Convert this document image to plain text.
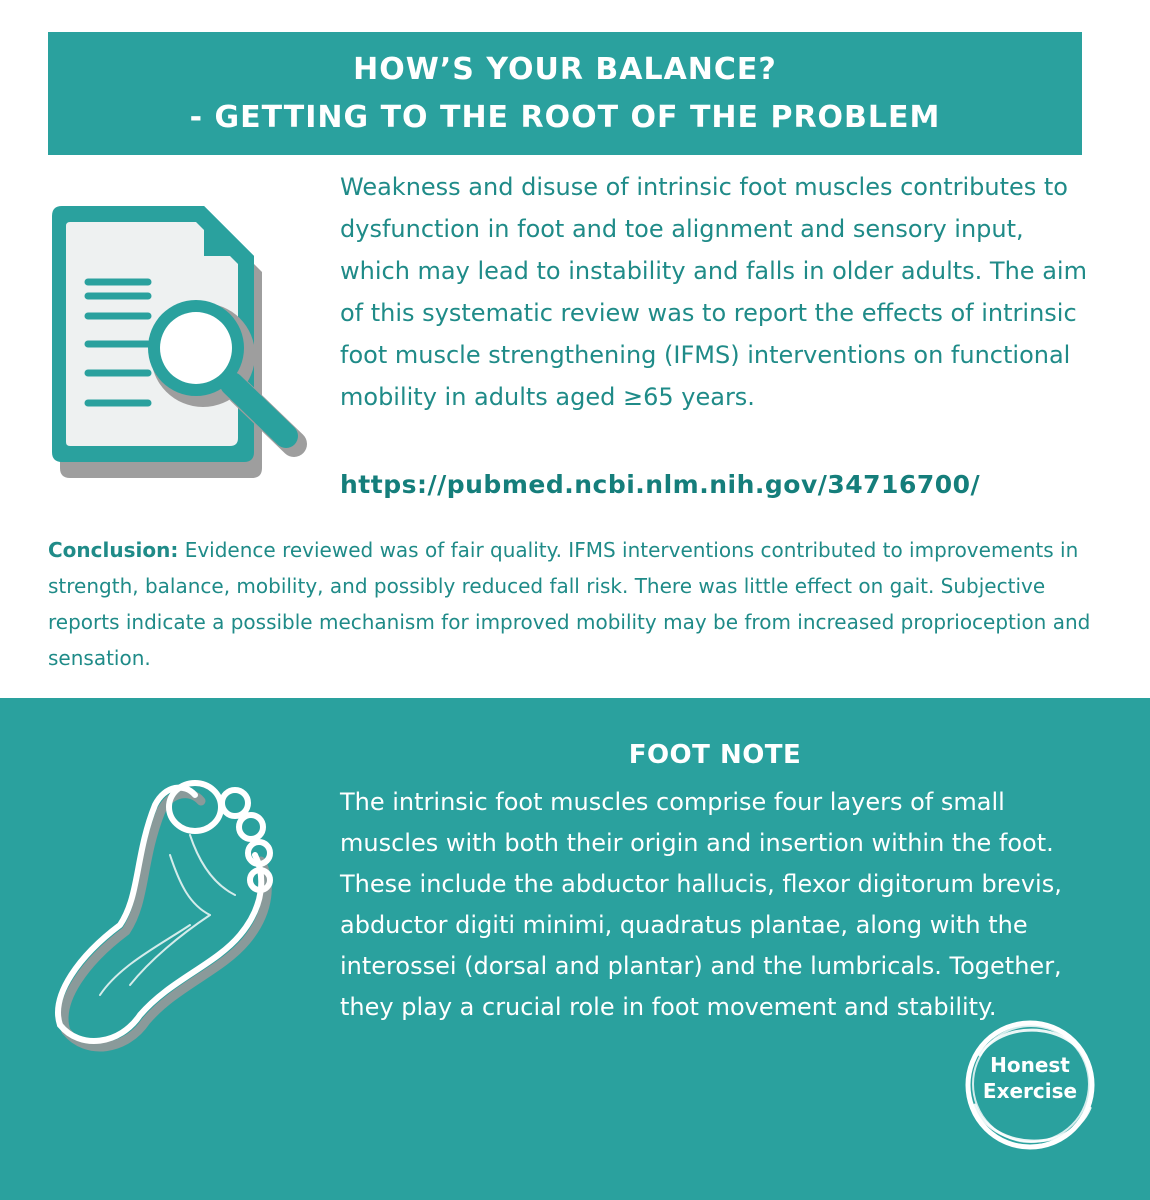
HOW’S YOUR BALANCE?
- GETTING TO THE ROOT OF THE PROBLEM
Weakness and disuse of intrinsic foot muscles contributes to dysfunction in foot and toe alignment and sensory input, which may lead to instability and falls in older adults. The aim of this systematic review was to report the effects of intrinsic foot muscle strengthening (IFMS) interventions on functional mobility in adults aged ≥65 years.
https://pubmed.ncbi.nlm.nih.gov/34716700/
Conclusion: Evidence reviewed was of fair quality. IFMS interventions contributed to improvements in strength, balance, mobility, and possibly reduced fall risk. There was little effect on gait. Subjective reports indicate a possible mechanism for improved mobility may be from increased proprioception and sensation.
FOOT NOTE
The intrinsic foot muscles comprise four layers of small muscles with both their origin and insertion within the foot. These include the abductor hallucis, flexor digitorum brevis, abductor digiti minimi, quadratus plantae, along with the interossei (dorsal and plantar) and the lumbricals. Together, they play a crucial role in foot movement and stability.
Honest
Exercise
